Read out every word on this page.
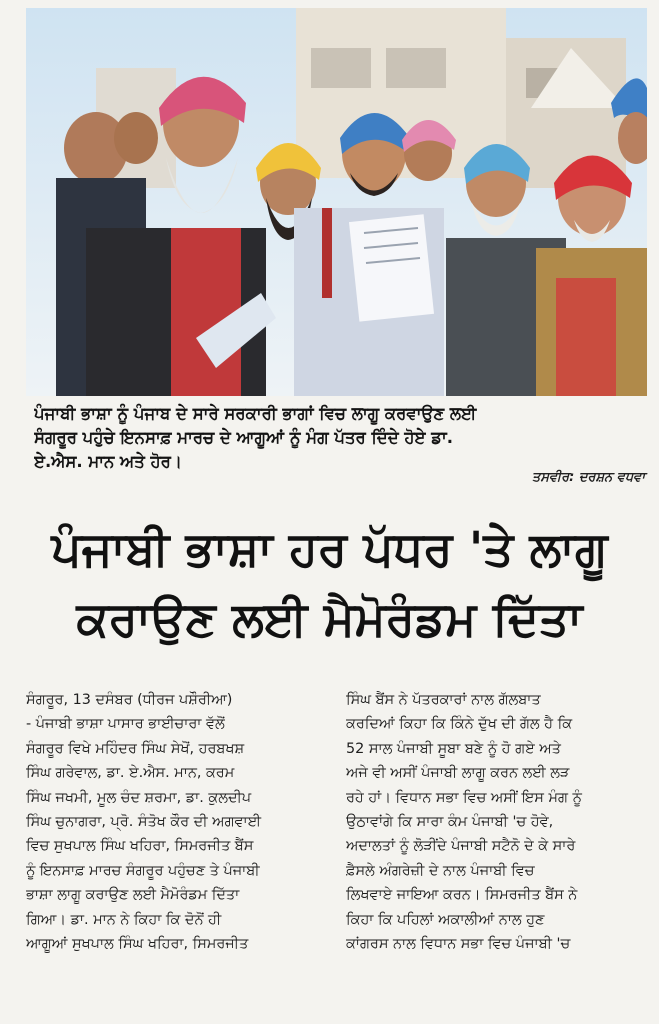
ਪੰਜਾਬੀ ਭਾਸ਼ਾ ਨੂੰ ਪੰਜਾਬ ਦੇ ਸਾਰੇ ਸਰਕਾਰੀ ਭਾਗਾਂ ਵਿਚ ਲਾਗੂ ਕਰਵਾਉਣ ਲਈ
ਸੰਗਰੂਰ ਪਹੁੰਚੇ ਇਨਸਾਫ਼ ਮਾਰਚ ਦੇ ਆਗੂਆਂ ਨੂੰ ਮੰਗ ਪੱਤਰ ਦਿੰਦੇ ਹੋਏ ਡਾ.
ਏ.ਐਸ. ਮਾਨ ਅਤੇ ਹੋਰ।
ਤਸਵੀਰ: ਦਰਸ਼ਨ ਵਧਵਾ
ਪੰਜਾਬੀ ਭਾਸ਼ਾ ਹਰ ਪੱਧਰ 'ਤੇ ਲਾਗੂ
ਕਰਾਉਣ ਲਈ ਮੈਮੋਰੰਡਮ ਦਿੱਤਾ

ਸੰਗਰੂਰ, 13 ਦਸੰਬਰ (ਧੀਰਜ ਪਸ਼ੌਰੀਆ)

- ਪੰਜਾਬੀ ਭਾਸ਼ਾ ਪਾਸਾਰ ਭਾਈਚਾਰਾ ਵੱਲੋਂ

ਸੰਗਰੂਰ ਵਿਖੇ ਮਹਿੰਦਰ ਸਿੰਘ ਸੇਖੋਂ, ਹਰਬਖਸ਼

ਸਿੰਘ ਗਰੇਵਾਲ, ਡਾ. ਏ.ਐਸ. ਮਾਨ, ਕਰਮ

ਸਿੰਘ ਜਖਮੀ, ਮੂਲ ਚੰਦ ਸ਼ਰਮਾ, ਡਾ. ਕੁਲਦੀਪ

ਸਿੰਘ ਚੁਨਾਗਰਾ, ਪ੍ਰੋ. ਸੰਤੋਖ ਕੌਰ ਦੀ ਅਗਵਾਈ

ਵਿਚ ਸੁਖਪਾਲ ਸਿੰਘ ਖਹਿਰਾ, ਸਿਮਰਜੀਤ ਬੈਂਸ

ਨੂੰ ਇਨਸਾਫ਼ ਮਾਰਚ ਸੰਗਰੂਰ ਪਹੁੰਚਣ ਤੇ ਪੰਜਾਬੀ

ਭਾਸ਼ਾ ਲਾਗੂ ਕਰਾਉਣ ਲਈ ਮੈਮੋਰੰਡਮ ਦਿੱਤਾ

ਗਿਆ। ਡਾ. ਮਾਨ ਨੇ ਕਿਹਾ ਕਿ ਦੋਨੋਂ ਹੀ

ਆਗੂਆਂ ਸੁਖਪਾਲ ਸਿੰਘ ਖਹਿਰਾ, ਸਿਮਰਜੀਤ

ਸਿੰਘ ਬੈਂਸ ਨੇ ਪੱਤਰਕਾਰਾਂ ਨਾਲ ਗੱਲਬਾਤ

ਕਰਦਿਆਂ ਕਿਹਾ ਕਿ ਕਿੰਨੇ ਦੁੱਖ ਦੀ ਗੱਲ ਹੈ ਕਿ

52 ਸਾਲ ਪੰਜਾਬੀ ਸੂਬਾ ਬਣੇ ਨੂੰ ਹੋ ਗਏ ਅਤੇ

ਅਜੇ ਵੀ ਅਸੀਂ ਪੰਜਾਬੀ ਲਾਗੂ ਕਰਨ ਲਈ ਲੜ

ਰਹੇ ਹਾਂ। ਵਿਧਾਨ ਸਭਾ ਵਿਚ ਅਸੀਂ ਇਸ ਮੰਗ ਨੂੰ

ਉਠਾਵਾਂਗੇ ਕਿ ਸਾਰਾ ਕੰਮ ਪੰਜਾਬੀ 'ਚ ਹੋਵੇ,

ਅਦਾਲਤਾਂ ਨੂੰ ਲੋੜੀਂਦੇ ਪੰਜਾਬੀ ਸਟੈਨੋ ਦੇ ਕੇ ਸਾਰੇ

ਫ਼ੈਸਲੇ ਅੰਗਰੇਜ਼ੀ ਦੇ ਨਾਲ ਪੰਜਾਬੀ ਵਿਚ

ਲਿਖਵਾਏ ਜਾਇਆ ਕਰਨ। ਸਿਮਰਜੀਤ ਬੈਂਸ ਨੇ

ਕਿਹਾ ਕਿ ਪਹਿਲਾਂ ਅਕਾਲੀਆਂ ਨਾਲ ਹੁਣ

ਕਾਂਗਰਸ ਨਾਲ ਵਿਧਾਨ ਸਭਾ ਵਿਚ ਪੰਜਾਬੀ 'ਚ
